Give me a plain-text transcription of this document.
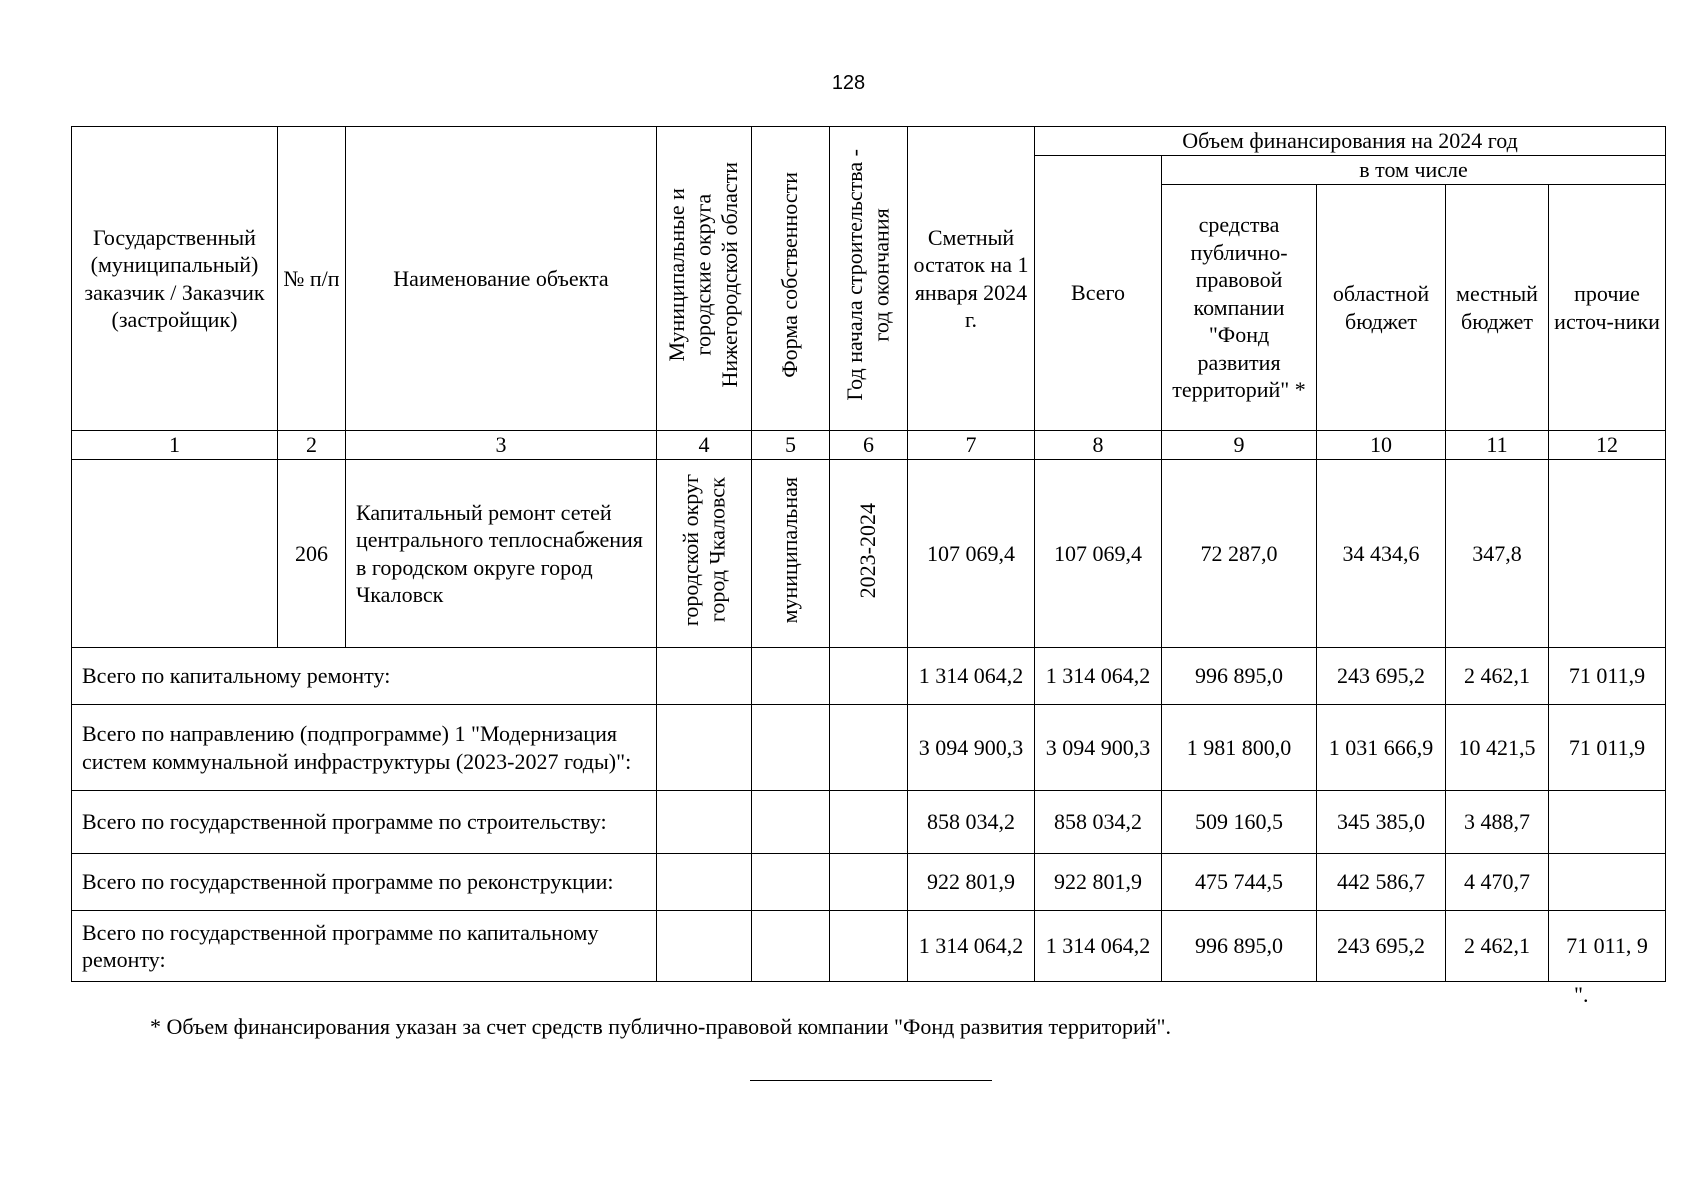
128
Государственный (муниципальный) заказчик / Заказчик (застройщик)	№ п/п	Наименование объекта	Муниципальные и
городские округа
Нижегородской области	Форма собственности	Год начала строительства -
год окончания	Сметный остаток на 1 января 2024 г.	Объем финансирования на 2024 год				
							Всего	в том числе			
								средства публично-правовой компании "Фонд развития территорий" *	областной бюджет	местный бюджет	прочие источ-ники
1	2	3	4	5	6	7	8	9	10	11	12
	206	Капитальный ремонт сетей центрального теплоснабжения в городском округе город Чкаловск	городской округ
город Чкаловск	муниципальная	2023-2024	107 069,4	107 069,4	72 287,0	34 434,6	347,8	
Всего по капитальному ремонту:						1 314 064,2	1 314 064,2	996 895,0	243 695,2	2 462,1	71 011,9
Всего по направлению (подпрограмме) 1 "Модернизация систем коммунальной инфраструктуры (2023-2027 годы)":						3 094 900,3	3 094 900,3	1 981 800,0	1 031 666,9	10 421,5	71 011,9
Всего по государственной программе по строительству:						858 034,2	858 034,2	509 160,5	345 385,0	3 488,7	
Всего по государственной программе по реконструкции:						922 801,9	922 801,9	475 744,5	442 586,7	4 470,7	
Всего по государственной программе по капитальному ремонту:						1 314 064,2	1 314 064,2	996 895,0	243 695,2	2 462,1	71 011, 9
".
* Объем финансирования указан за счет средств публично-правовой компании "Фонд развития территорий".
